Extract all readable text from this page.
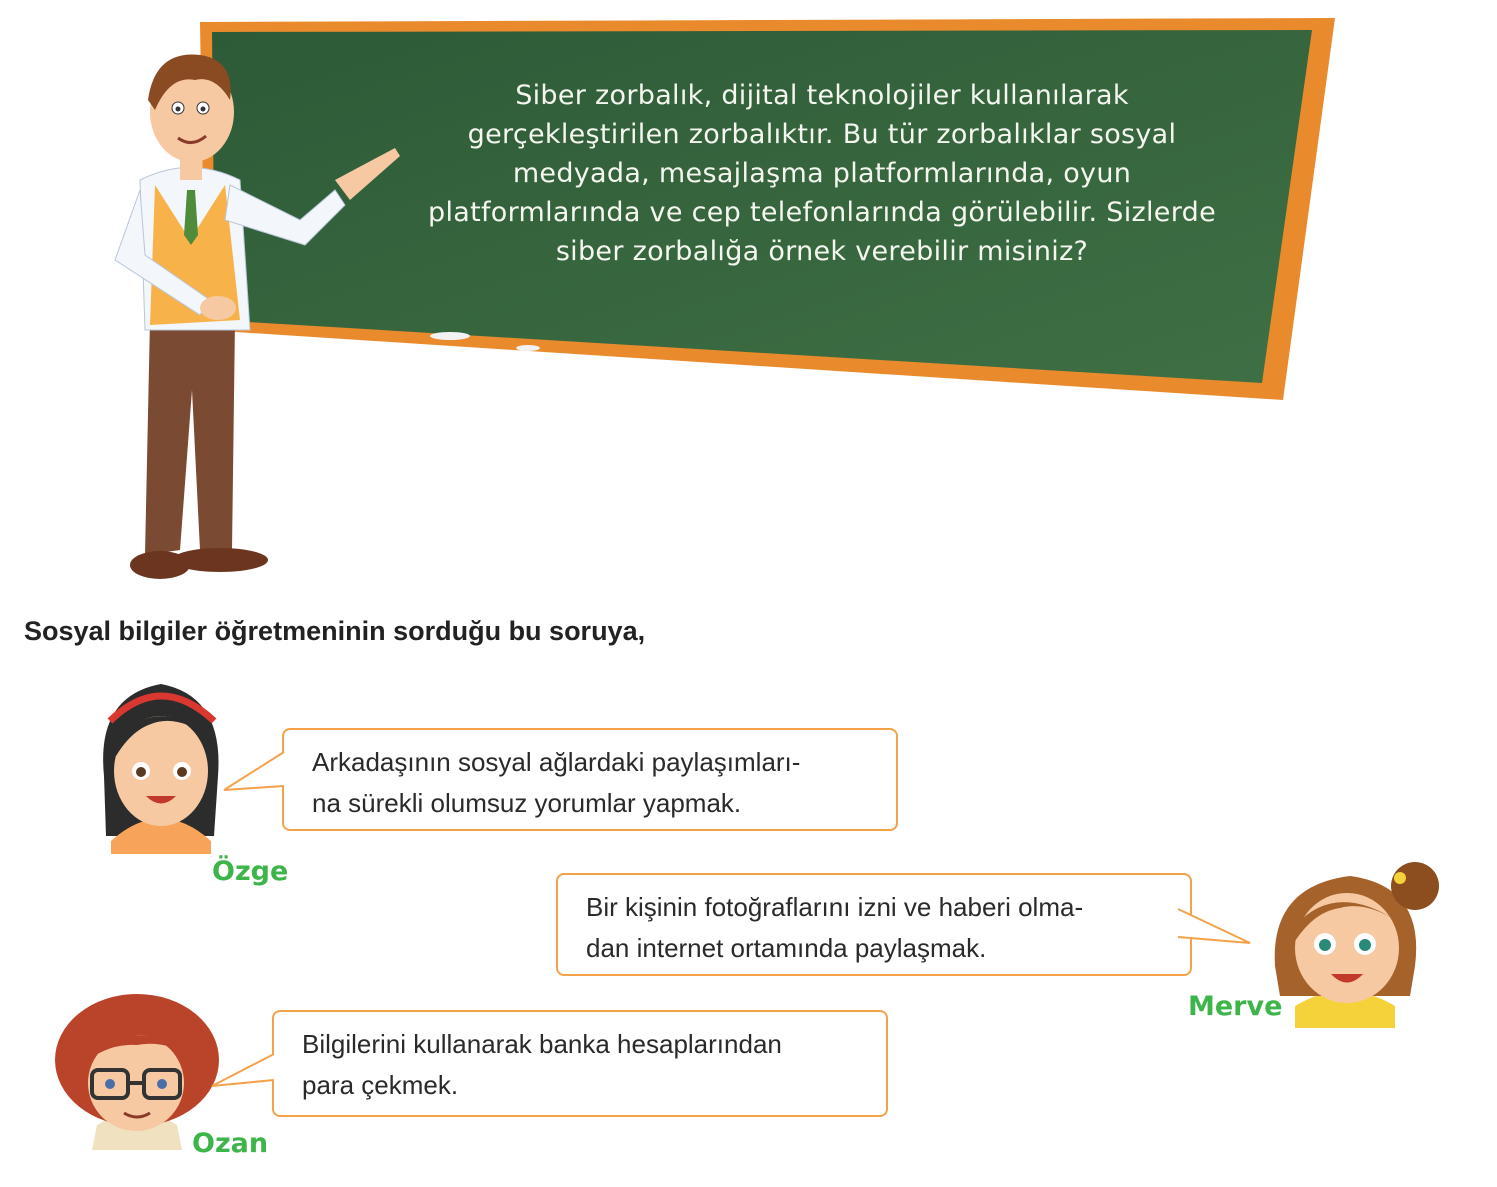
Siber zorbalık, dijital teknolojiler kullanılarak
gerçekleştirilen zorbalıktır. Bu tür zorbalıklar sosyal
medyada, mesajlaşma platformlarında, oyun
platformlarında ve cep telefonlarında görülebilir. Sizlerde
siber zorbalığa örnek verebilir misiniz?
Sosyal bilgiler öğretmeninin sorduğu bu soruya,
Arkadaşının sosyal ağlardaki paylaşımları-
na sürekli olumsuz yorumlar yapmak.
Özge
Bir kişinin fotoğraflarını izni ve haberi olma-
dan internet ortamında paylaşmak.
Merve
Bilgilerini kullanarak banka hesaplarından
para çekmek.
Ozan
